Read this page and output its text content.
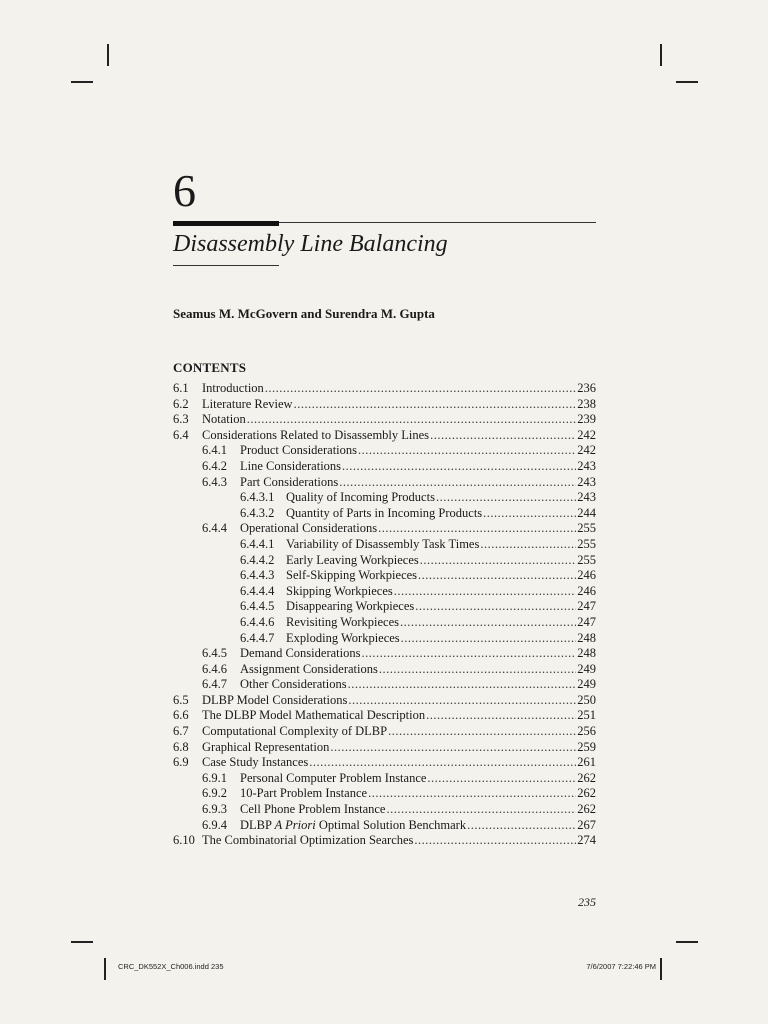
6
Disassembly Line Balancing
Seamus M. McGovern and Surendra M. Gupta
CONTENTS
6.1 Introduction .....	236
6.2 Literature Review .....	238
6.3 Notation .....	239
6.4 Considerations Related to Disassembly Lines .....	242
6.4.1 Product Considerations .....	242
6.4.2 Line Considerations .....	243
6.4.3 Part Considerations .....	243
6.4.3.1 Quality of Incoming Products .....	243
6.4.3.2 Quantity of Parts in Incoming Products .....	244
6.4.4 Operational Considerations .....	255
6.4.4.1 Variability of Disassembly Task Times .....	255
6.4.4.2 Early Leaving Workpieces .....	255
6.4.4.3 Self-Skipping Workpieces .....	246
6.4.4.4 Skipping Workpieces .....	246
6.4.4.5 Disappearing Workpieces .....	247
6.4.4.6 Revisiting Workpieces .....	247
6.4.4.7 Exploding Workpieces .....	248
6.4.5 Demand Considerations .....	248
6.4.6 Assignment Considerations .....	249
6.4.7 Other Considerations .....	249
6.5 DLBP Model Considerations .....	250
6.6 The DLBP Model Mathematical Description .....	251
6.7 Computational Complexity of DLBP .....	256
6.8 Graphical Representation .....	259
6.9 Case Study Instances .....	261
6.9.1 Personal Computer Problem Instance .....	262
6.9.2 10-Part Problem Instance .....	262
6.9.3 Cell Phone Problem Instance .....	262
6.9.4 DLBP A Priori Optimal Solution Benchmark .....	267
6.10 The Combinatorial Optimization Searches .....	274
235
CRC_DK552X_Ch006.indd 235	7/6/2007 7:22:46 PM
